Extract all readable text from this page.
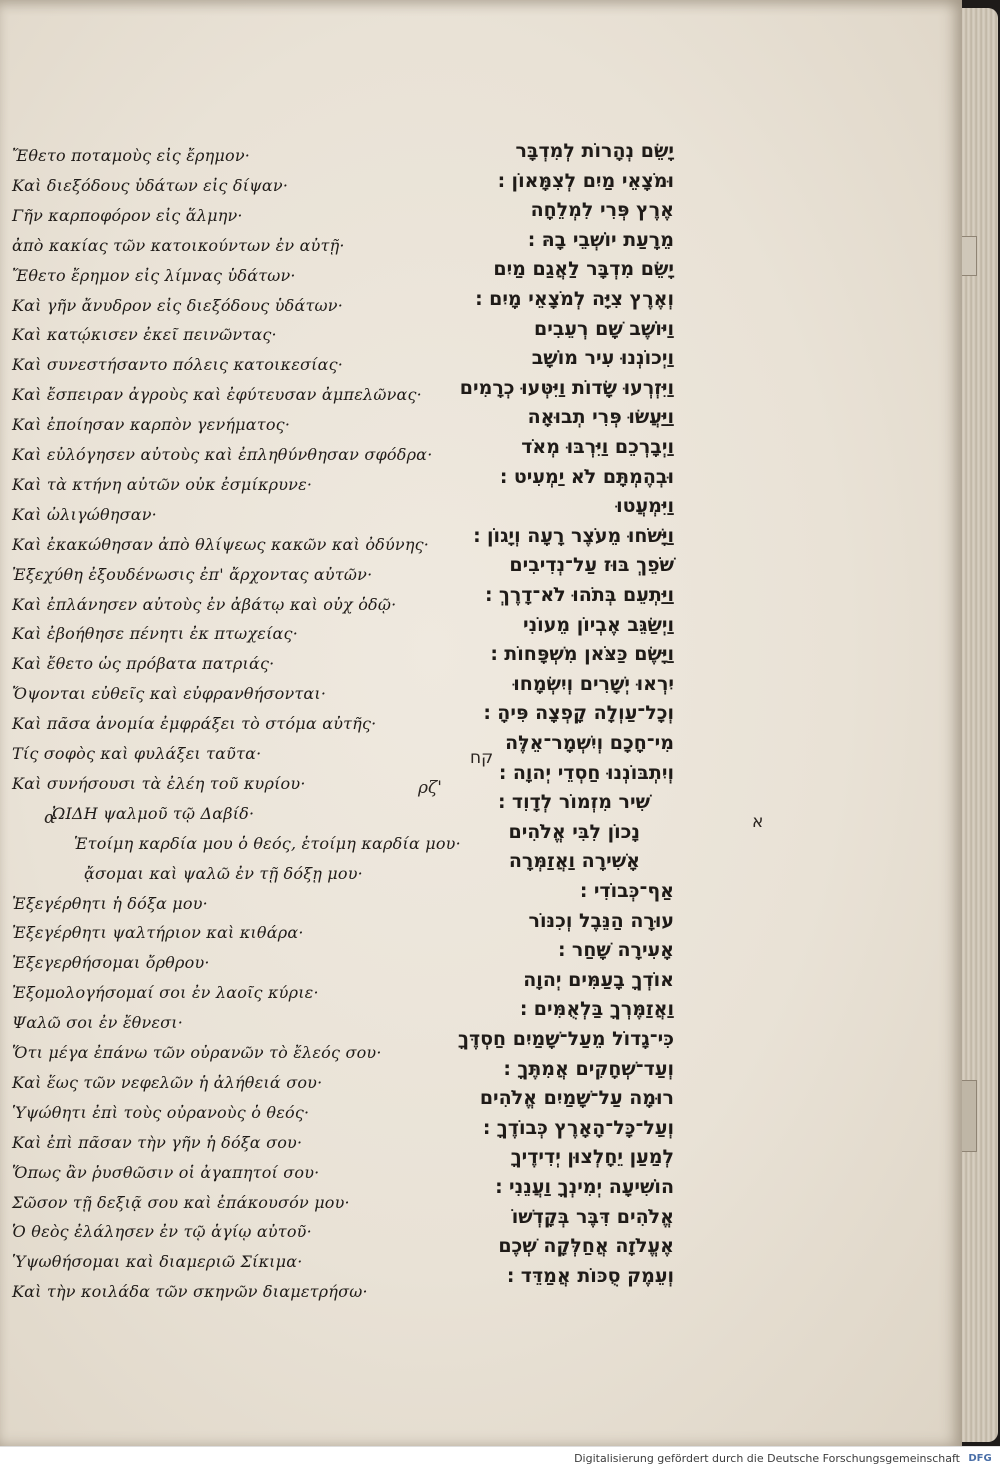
Ἔθετο ποταμοὺς εἰς ἔρημον·
Καὶ διεξόδους ὑδάτων εἰς δίψαν·
Γῆν καρποφόρον εἰς ἅλμην·
ἀπὸ κακίας τῶν κατοικούντων ἐν αὐτῇ·
Ἔθετο ἔρημον εἰς λίμνας ὑδάτων·
Καὶ γῆν ἄνυδρον εἰς διεξόδους ὑδάτων·
Καὶ κατῴκισεν ἐκεῖ πεινῶντας·
Καὶ συνεστήσαντο πόλεις κατοικεσίας·
Καὶ ἔσπειραν ἀγροὺς καὶ ἐφύτευσαν ἀμπελῶνας·
Καὶ ἐποίησαν καρπὸν γενήματος·
Καὶ εὐλόγησεν αὐτοὺς καὶ ἐπληθύνθησαν σφόδρα·
Καὶ τὰ κτήνη αὐτῶν οὐκ ἐσμίκρυνε·
Καὶ ὠλιγώθησαν·
Καὶ ἐκακώθησαν ἀπὸ θλίψεως κακῶν καὶ ὀδύνης·
Ἐξεχύθη ἐξουδένωσις ἐπ' ἄρχοντας αὐτῶν·
Καὶ ἐπλάνησεν αὐτοὺς ἐν ἀβάτῳ καὶ οὐχ ὁδῷ·
Καὶ ἐβοήθησε πένητι ἐκ πτωχείας·
Καὶ ἔθετο ὡς πρόβατα πατριάς·
Ὄψονται εὐθεῖς καὶ εὐφρανθήσονται·
Καὶ πᾶσα ἀνομία ἐμφράξει τὸ στόμα αὐτῆς·
Τίς σοφὸς καὶ φυλάξει ταῦτα·
Καὶ συνήσουσι τὰ ἐλέη τοῦ κυρίου·
ὨΙΔΗ ψαλμοῦ τῷ Δαβίδ·
Ἑτοίμη καρδία μου ὁ θεός, ἑτοίμη καρδία μου·
ᾄσομαι καὶ ψαλῶ ἐν τῇ δόξῃ μου·
Ἐξεγέρθητι ἡ δόξα μου·
Ἐξεγέρθητι ψαλτήριον καὶ κιθάρα·
Ἐξεγερθήσομαι ὄρθρου·
Ἐξομολογήσομαί σοι ἐν λαοῖς κύριε·
Ψαλῶ σοι ἐν ἔθνεσι·
Ὅτι μέγα ἐπάνω τῶν οὐρανῶν τὸ ἔλεός σου·
Καὶ ἕως τῶν νεφελῶν ἡ ἀλήθειά σου·
Ὑψώθητι ἐπὶ τοὺς οὐρανοὺς ὁ θεός·
Καὶ ἐπὶ πᾶσαν τὴν γῆν ἡ δόξα σου·
Ὅπως ἂν ῥυσθῶσιν οἱ ἀγαπητοί σου·
Σῶσον τῇ δεξιᾷ σου καὶ ἐπάκουσόν μου·
Ὁ θεὸς ἐλάλησεν ἐν τῷ ἁγίῳ αὐτοῦ·
Ὑψωθήσομαι καὶ διαμεριῶ Σίκιμα·
Καὶ τὴν κοιλάδα τῶν σκηνῶν διαμετρήσω·
יָשֵׂם נְהָרוֹת לְמִדְבָּר
וּמֹצָאֵי מַיִם לְצִמָּאוֹן ׃
אֶרֶץ פְּרִי לִמְלֵחָה
מֵרָעַת יוֹשְׁבֵי בָהּ ׃
יָשֵׂם מִדְבָּר לַאֲגַם מַיִם
וְאֶרֶץ צִיָּה לְמֹצָאֵי מָיִם ׃
וַיּוֹשֶׁב שָׁם רְעֵבִים
וַיְכוֹנְנוּ עִיר מוֹשָׁב
וַיִּזְרְעוּ שָׂדוֹת וַיִּטְּעוּ כְרָמִים
וַיַּעֲשׂוּ פְּרִי תְבוּאָה
וַיְבָרְכֵם וַיִּרְבּוּ מְאֹד
וּבְהֶמְתָּם לֹא יַמְעִיט ׃
וַיִּמְעֲטוּ
וַיָּשֹׁחוּ מֵעֹצֶר רָעָה וְיָגוֹן ׃
שֹׁפֵךְ בּוּז עַל־נְדִיבִים
וַיַּתְעֵם בְּתֹהוּ לֹא־דָרֶךְ ׃
וַיְשַׂגֵּב אֶבְיוֹן מֵעוֹנִי
וַיָּשֶׂם כַּצֹּאן מִשְׁפָּחוֹת ׃
יִרְאוּ יְשָׁרִים וְיִשְׂמָחוּ
וְכָל־עַוְלָה קָפְצָה פִּיהָ ׃
מִי־חָכָם וְיִשְׁמָר־אֵלֶּה
וְיִתְבּוֹנְנוּ חַסְדֵי יְהוָה ׃
שִׁיר מִזְמוֹר לְדָוִד ׃
נָכוֹן לִבִּי אֱלֹהִים
אָשִׁירָה וַאֲזַמְּרָה
אַף־כְּבוֹדִי ׃
עוּרָה הַנֵּבֶל וְכִנּוֹר
אָעִירָה שָּׁחַר ׃
אוֹדְךָ בָעַמִּים יְהוָה
וַאֲזַמֶּרְךָ בַּלְאֻמִּים ׃
כִּי־גָדוֹל מֵעַל־שָׁמַיִם חַסְדֶּךָ
וְעַד־שְׁחָקִים אֲמִתֶּךָ ׃
רוּמָה עַל־שָׁמַיִם אֱלֹהִים
וְעַל־כָּל־הָאָרֶץ כְּבוֹדֶךָ ׃
לְמַעַן יֵחָלְצוּן יְדִידֶיךָ
הוֹשִׁיעָה יְמִינְךָ וַעֲנֵנִי ׃
אֱלֹהִים דִּבֶּר בְּקָדְשׁוֹ
אֶעֱלֹזָה אֲחַלְּקָה שְׁכֶם
וְעֵמֶק סֻכּוֹת אֲמַדֵּד ׃
קח
ρζ'
α	א
Digitalisierung gefördert durch die Deutsche Forschungsgemeinschaft DFG
